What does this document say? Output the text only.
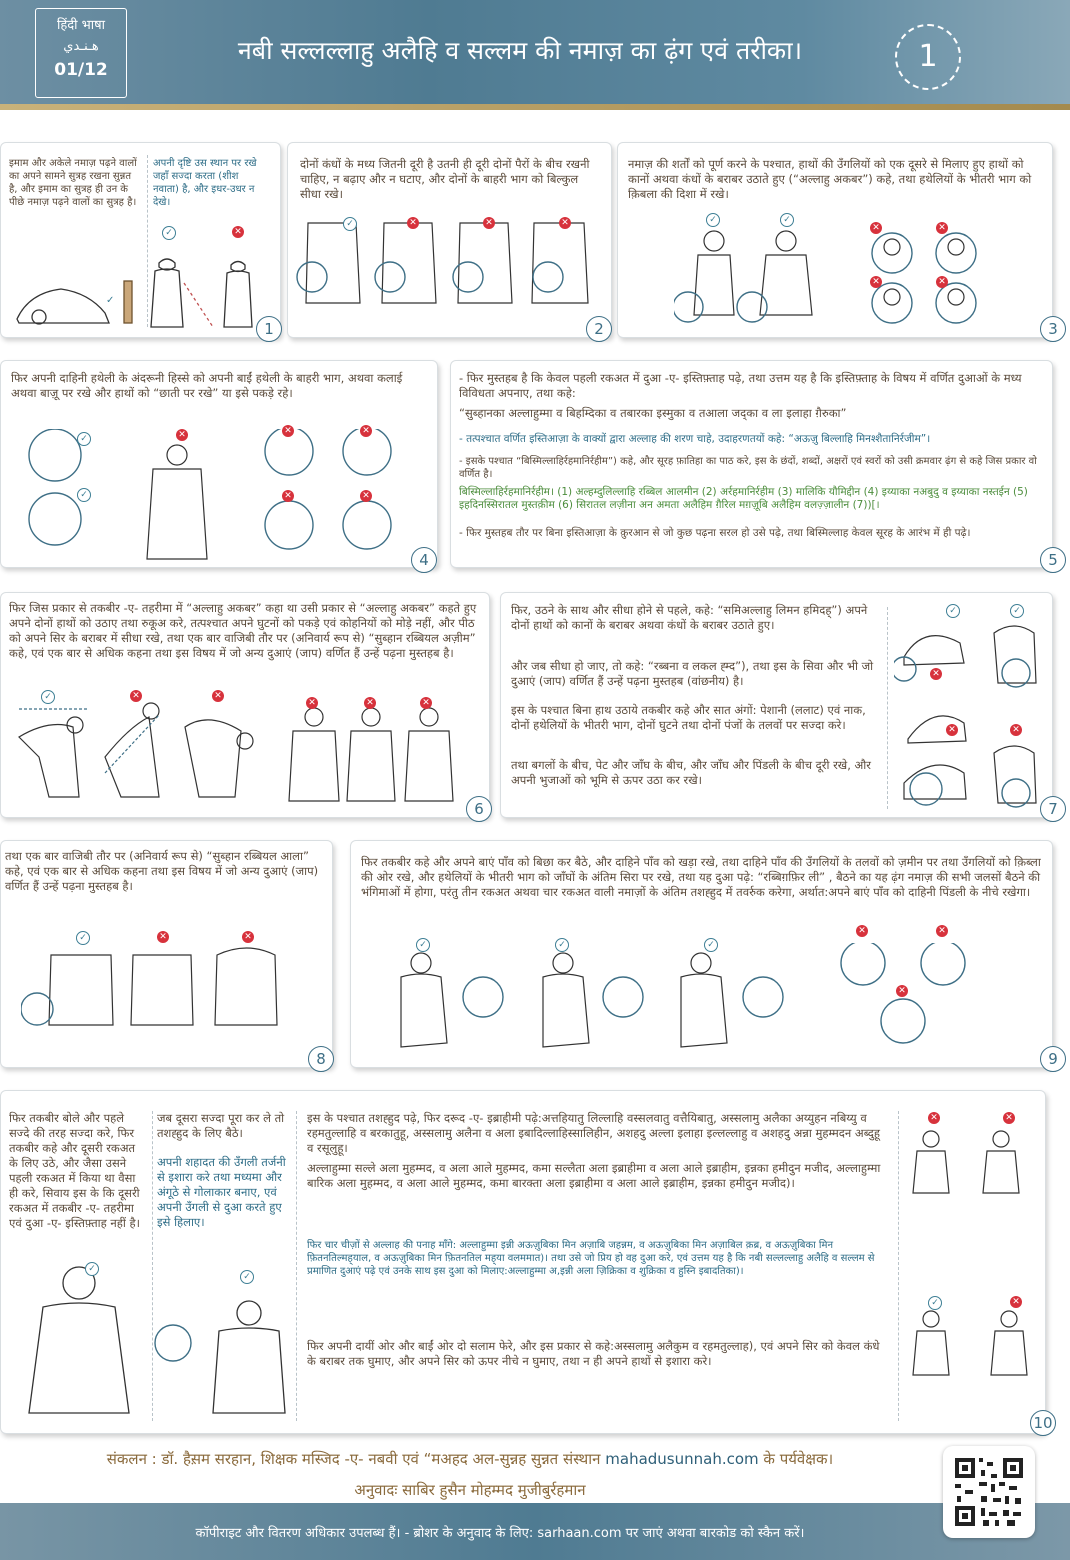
हिंदी भाषा
هـنـدي
01/12
नबी सल्लल्लाहु अलैहि व सल्लम की नमाज़ का ढ़ंग एवं तरीका।	1
इमाम और अकेले नमाज़ पढ़ने वालों का अपने सामने सुत्रह रखना सुन्नत है, और इमाम का सुत्रह ही उन के पीछे नमाज़ पढ़ने वालों का सुत्रह है।
अपनी दृष्टि उस स्थान पर रखे जहाँ सज्दा करता (शीश नवाता) है, और इधर-उधर न देखे।
✓
✓	✕
1
दोनों कंधों के मध्य जितनी दूरी है उतनी ही दूरी दोनों पैरों के बीच रखनी चाहिए, न बढ़ाए और न घटाए, और दोनों के बाहरी भाग को बिल्कुल सीधा रखे।
✓	✕	✕	✕
2
नमाज़ की शर्तों को पूर्ण करने के पश्चात, हाथों की उँगलियों को एक दूसरे से मिलाए हुए हाथों को कानों अथवा कंधों के बराबर उठाते हुए (“अल्लाहु अकबर”) कहे, तथा हथेलियों के भीतरी भाग को क़िबला की दिशा में रखे।
✓	✓
✕	✕
✕	✕
3
फिर अपनी दाहिनी हथेली के अंदरूनी हिस्से को अपनी बाईं हथेली के बाहरी भाग, अथवा कलाई अथवा बाज़ू पर रखे और हाथों को “छाती पर रखे” या इसे पकड़े रहे।
✓
✓
✕	✕	✕
✕	✕
4
- फिर मुस्तहब है कि केवल पहली रकअत में दुआ -ए- इस्तिफ़्ताह पढ़े, तथा उत्तम यह है कि इस्तिफ़्ताह के विषय में वर्णित दुआओं के मध्य विविधता अपनाए, तथा कहे:
“सुब्हानका अल्लाहुम्मा व बिहम्दिका व तबारका इस्मुका व तआला जद्‌का व ला इलाहा ग़ैरुका”
- तत्पश्चात वर्णित इस्तिआज़ा के वाक्यों द्वारा अल्लाह की शरण चाहे, उदाहरणतयों कहे: “अऊज़ु बिल्लाहि मिनश्शैतानिर्रजीम”।
- इसके पश्चात “बिस्मिल्लाहिर्रहमानिर्रहीम”) कहे, और सूरह फ़ातिहा का पाठ करे, इस के छंदों, शब्दों, अक्षरों एवं स्वरों को उसी क्रमवार ढ़ंग से कहे जिस प्रकार वो वर्णित है।
बिस्मिल्लाहिर्रहमानिर्रहीम। (1) अल्हम्दुलिल्लाहि रब्बिल आलमीन (2) अर्रहमानिर्रहीम (3) मालिकि यौमिद्दीन (4) इय्याका नअबुदु व इय्याका नस्तईन (5) इहदिनस्सिरातल मुस्तक़ीम (6) सिरातल लज़ीना अन अमता अलैहिम ग़ैरिल मग़ज़ूबि अलैहिम वलज़्ज़ालीन (7))[।
- फिर मुस्तहब तौर पर बिना इस्तिआज़ा के क़ुरआन से जो कुछ पढ़ना सरल हो उसे पढ़े, तथा बिस्मिल्लाह केवल सूरह के आरंभ में ही पढ़े।
5
फिर जिस प्रकार से तकबीर -ए- तहरीमा में “अल्लाहु अकबर” कहा था उसी प्रकार से “अल्लाहु अकबर” कहते हुए अपने दोनों हाथों को उठाए तथा रुकूअ करे, तत्पश्चात अपने घुटनों को पकड़े एवं कोहनियों को मोड़े नहीं, और पीठ को अपने सिर के बराबर में सीधा रखे, तथा एक बार वाजिबी तौर पर (अनिवार्य रूप से) “सुब्हान रब्बियल अज़ीम” कहे, एवं एक बार से अधिक कहना तथा इस विषय में जो अन्य दुआएं (जाप) वर्णित हैं उन्हें पढ़ना मुस्तहब है।
✓	✕	✕
✕	✕	✕
6
फिर, उठने के साथ और सीधा होने से पहले, कहे: “समिअल्लाहु लिमन हमिदह्”) अपने दोनों हाथों को कानों के बराबर अथवा कंधों के बराबर उठाते हुए।
और जब सीधा हो जाए, तो कहे: “रब्बना व लकल ह्म्द”), तथा इस के सिवा और भी जो दुआएं (जाप) वर्णित हैं उन्हें पढ़ना मुस्तहब (वांछनीय) है।
इस के पश्चात बिना हाथ उठाये तकबीर कहे और सात अंगों: पेशानी (ललाट) एवं नाक, दोनों हथेलियों के भीतरी भाग, दोनों घुटने तथा दोनों पंजों के तलवों पर सज्दा करे।
तथा बगलों के बीच, पेट और जाँघ के बीच, और जाँघ और पिंडली के बीच दूरी रखे, और अपनी भुजाओं को भूमि से ऊपर उठा कर रखे।
✓	✓
✕
✕	✕
7
तथा एक बार वाजिबी तौर पर (अनिवार्य रूप से) “सुब्हान रब्बियल आला” कहे, एवं एक बार से अधिक कहना तथा इस विषय में जो अन्य दुआएं (जाप) वर्णित हैं उन्हें पढ़ना मुस्तहब है।
✓	✕	✕
8
फिर तकबीर कहे और अपने बाएं पाँव को बिछा कर बैठे, और दाहिने पाँव को खड़ा रखे, तथा दाहिने पाँव की उँगलियों के तलवों को ज़मीन पर तथा उँगलियों को क़िब्ला की ओर रखे, और हथेलियों के भीतरी भाग को जाँघों के अंतिम सिरा पर रखे, तथा यह दुआ पढ़े: “रब्बिग़फ़िर ली” , बैठने का यह ढ़ंग नमाज़ की सभी जलसों बैठने की भंगिमाओं में होगा, परंतु तीन रकअत अथवा चार रकअत वाली नमाज़ों के अंतिम तशह्हुद में तवर्रुक करेगा, अर्थात:अपने बाएं पाँव को दाहिनी पिंडली के नीचे रखेगा।
✓	✓	✓
✕	✕
✕
9
फिर तकबीर बोले और पहले सज्दे की तरह सज्दा करे, फिर तकबीर कहे और दूसरी रकअत के लिए उठे, और जैसा उसने पहली रकअत में किया था वैसा ही करे, सिवाय इस के कि दूसरी रकअत में तकबीर -ए- तहरीमा एवं दुआ -ए- इस्तिफ़्ताह नहीं है।
जब दूसरा सज्दा पूरा कर ले तो तशह्हुद के लिए बैठे।
अपनी शहादत की उँगली तर्जनी से इशारा करे तथा मध्यमा और अंगूठे से गोलाकार बनाए, एवं अपनी उँगली से दुआ करते हुए इसे हिलाए।
इस के पश्चात तशह्हुद पढ़े, फिर दरूद -ए- इब्राहीमी पढ़े:अत्तहियातु लिल्लाहि वस्सलवातु वत्तैयिबातु, अस्सलामु अलैका अय्युहन नबिय्यु व रहमतुल्लाहि व बरकातुहू, अस्सलामु अलैना व अला इबादिल्लाहिस्सालिहीन, अशहदु अल्ला इलाहा इल्लल्लाहु व अशहदु अन्ना मुहम्मदन अब्दुहू व रसूलुहू।
अल्लाहुम्मा सल्ले अला मुहम्मद, व अला आले मुहम्मद, कमा सल्लैता अला इब्राहीमा व अला आले इब्राहीम, इन्नका हमीदुन मजीद, अल्लाहुम्मा बारिक अला मुहम्मद, व अला आले मुहम्मद, कमा बारक्ता अला इब्राहीमा व अला आले इब्राहीम, इन्नका हमीदुन मजीद)।
फिर चार चीज़ों से अल्लाह की पनाह माँगे: अल्लाहुम्मा इन्नी अऊज़ुबिका मिन अज़ाबि जहन्नम, व अऊज़ुबिका मिन अज़ाबिल क़ब्र, व अऊज़ुबिका मिन फ़ितनतिल्मह्‌याल, व अऊज़ुबिका मिन फ़ितनतिल मह्‌या वलममात)। तथा उसे जो प्रिय हो वह दुआ करे, एवं उत्तम यह है कि नबी सल्लल्लाहु अलैहि व सल्लम से प्रमाणित दुआएं पढ़े एवं उनके साथ इस दुआ को मिलाए:अल्लाहुम्मा अ,इन्नी अला ज़िक्रिका व शुक्रिका व हुस्नि इबादतिका)।
फिर अपनी दायीं ओर और बाईं ओर दो सलाम फेरे, और इस प्रकार से कहे:अस्सलामु अलैकुम व रहमतुल्लाह), एवं अपने सिर को केवल कंधे के बराबर तक घुमाए, और अपने सिर को ऊपर नीचे न घुमाए, तथा न ही अपने हाथों से इशारा करे।
✓
✓
✕	✕
✓	✕
10
संकलन : डॉ. हैस़म सरहान, शिक्षक मस्जिद -ए- नबवी एवं “मअहद अल-सुन्नह सुन्नत संस्थान mahadusunnah.com के पर्यवेक्षक।
अनुवादः साबिर हुसैन मोहम्मद मुजीबुर्रहमान
कॉपीराइट और वितरण अधिकार उपलब्ध हैं। - ब्रोशर के अनुवाद के लिए: sarhaan.com पर जाएं अथवा बारकोड को स्कैन करें।
